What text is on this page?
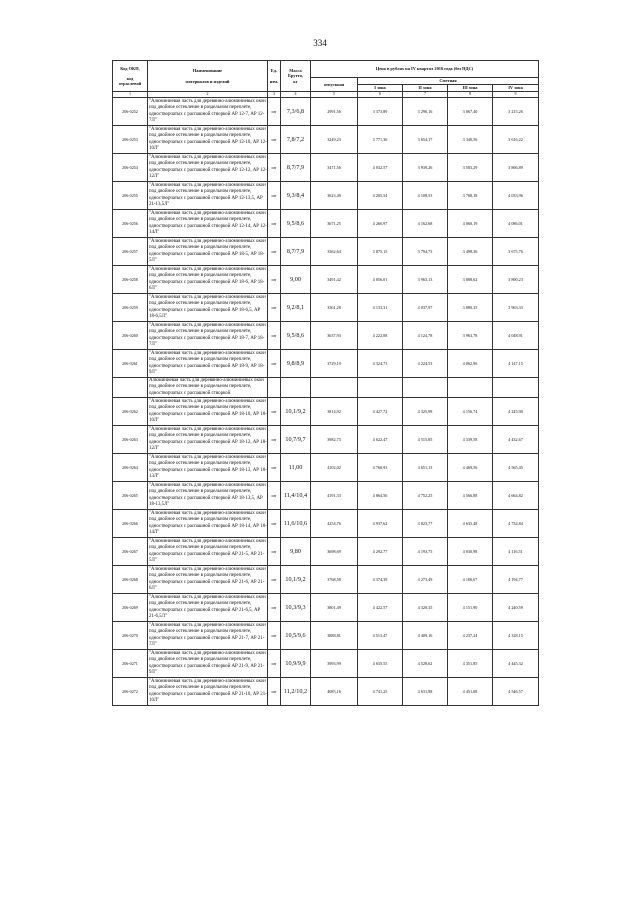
334
Код ОКП,

код
отраслевой	Наименование

материалов и изделий	Ед.

изм.	Масса
Брутто,
кг	Цена в рублях на IV квартал 2016 года (без НДС)				
				отпускная	Сметная			
					I зона	II зона	III зона	IV зона
1	2	3	4	5	6	7	8	9
206-0252	"Алюминиевая часть для деревянно-алюминиевых окон под двойное остекление в раздельном переплете, одностворчатых с распашной створкой АР 12-7, АР 12-7Л"	шт	7,3/6,8	2991,56	3 373,89	3 296,16	3 067,40	3 215,26
206-0253	"Алюминиевая часть для деревянно-алюминиевых окон под двойное остекление в раздельном переплете, одностворчатых с распашной створкой АР 12-10, АР 12-10Л"	шт	7,8/7,2	3249,23	3 771,36	3 654,17	3 340,56	3 616,22
206-0254	"Алюминиевая часть для деревянно-алюминиевых окон под двойное остекление в раздельном переплете, одностворчатых с распашной створкой АР 12-12, АР 12-12Л"	шт	8,7/7,9	3471,56	4 032,57	3 939,26	3 583,29	3 866,89
206-0255	"Алюминиевая часть для деревянно-алюминиевых окон под двойное остекление в раздельном переплете, одностворчатых с распашной створкой АР 12-13,5, АР 21-13,5Л"	шт	9,3/8,4	3623,49	4 205,54	4 108,53	3 768,18	4 033,96
206-0256	"Алюминиевая часть для деревянно-алюминиевых окон под двойное остекление в раздельном переплете, одностворчатых с распашной створкой АР 12-14, АР 12-14Л"	шт	9,5/8,6	3671,25	4 260,97	4 162,68	4 060,19	4 086,01
206-0257	"Алюминиевая часть для деревянно-алюминиевых окон под двойное остекление в раздельном переплете, одностворчатых с распашной створкой АР 18-5, АР 18-5Л"	шт	8,7/7,9	3362,64	3 875,15	3 794,73	3 498,36	3 675,76
206-0258	"Алюминиевая часть для деревянно-алюминиевых окон под двойное остекление в раздельном переплете, одностворчатых с распашной створкой АР 18-6, АР 18-6Л"	шт	9,00	3491,42	4 056,01	3 963,13	3 808,62	3 890,23
206-0259	"Алюминиевая часть для деревянно-алюминиевых окон под двойное остекление в раздельном переплете, одностворчатых с распашной створкой АР 18-6,5, АР 18-6,5Л"	шт	9,2/8,1	3561,28	4 133,31	4 037,97	3 880,35	3 963,33
206-0260	"Алюминиевая часть для деревянно-алюминиевых окон под двойное остекление в раздельном переплете, одностворчатых с распашной створкой АР 18-7, АР 18-7Л"	шт	9,5/8,6	3637,93	4 222,08	4 124,78	3 963,78	4 048,91
206-0261	"Алюминиевая часть для деревянно-алюминиевых окон под двойное остекление в раздельном переплете, одностворчатых с распашной створкой АР 18-9, АР 18-9Л"	шт	9,8/8,9	3729,19	4 324,73	4 224,53	4 062,96	4 147,15
	Алюминиевая часть для деревянно-алюминиевых окон под двойное остекление в раздельном переплете, одностворчатых с распашной створкой							
206-0262	"Алюминиевая часть для деревянно-алюминиевых окон под двойное остекление в раздельном переплете, одностворчатых с распашной створкой АР 18-10, АР 18-10Л"	шт	10,1/9,2	3814,92	4 427,72	4 325,98	4 156,74	4 245,90
206-0263	"Алюминиевая часть для деревянно-алюминиевых окон под двойное остекление в раздельном переплете, одностворчатых с распашной створкой АР 18-12, АР 18-12Л"	шт	10,7/9,7	3982,73	4 622,47	4 515,85	4 339,58	4 432,67
206-0264	"Алюминиевая часть для деревянно-алюминиевых окон под двойное остекление в раздельном переплете, одностворчатых с распашной створкой АР 18-13, АР 18-13Л"	шт	11,00	4102,02	4 760,93	4 651,13	4 469,56	4 565,45
206-0265	"Алюминиевая часть для деревянно-алюминиевых окон под двойное остекление в раздельном переплете, одностворчатых с распашной створкой АР 18-13,5, АР 18-13,5Л"	шт	11,4/10,4	4191,33	4 864,56	4 752,25	4 566,88	4 664,82
206-0266	"Алюминиевая часть для деревянно-алюминиевых окон под двойное остекление в раздельном переплете, одностворчатых с распашной створкой АР 18-14, АР 18-14Л"	шт	11,6/10,6	4254,76	4 937,62	4 823,77	4 635,48	4 734,84
206-0267	"Алюминиевая часть для деревянно-алюминиевых окон под двойное остекление в раздельном переплете, одностворчатых с распашной створкой АР 21-5, АР 21-5Л"	шт	9,80	3698,69	4 292,77	4 193,75	4 030,98	4 116,51
206-0268	"Алюминиевая часть для деревянно-алюминиевых окон под двойное остекление в раздельном переплете, одностворчатых с распашной створкой АР 21-6, АР 21-6Л"	шт	10,1/9,2	3768,58	4 374,39	4 273,49	4 106,67	4 194,77
206-0269	"Алюминиевая часть для деревянно-алюминиевых окон под двойное остекление в раздельном переплете, одностворчатых с распашной створкой АР 21-6,5, АР 21-6,5Л"	шт	10,3/9,3	3801,49	4 422,57	4 320,35	4 151,90	4 240,59
206-0270	"Алюминиевая часть для деревянно-алюминиевых окон под двойное остекление в раздельном переплете, одностворчатых с распашной створкой АР 21-7, АР 21-7Л"	шт	10,5/9,6	3888,81	4 513,47	4 409,16	4 237,24	4 328,15
206-0271	"Алюминиевая часть для деревянно-алюминиевых окон под двойное остекление в раздельном переплете, одностворчатых с распашной створкой АР 21-9, АР 21-9Л"	шт	10,9/9,9	3993,99	4 635,55	4 528,62	4 351,85	4 445,32
206-0272	"Алюминиевая часть для деревянно-алюминиевых окон под двойное остекление в раздельном переплете, одностворчатых с распашной створкой АР 21-10, АР 21-10Л"	шт	11,2/10,2	4085,16	4 741,25	4 631,88	4 451,08	4 546,57
